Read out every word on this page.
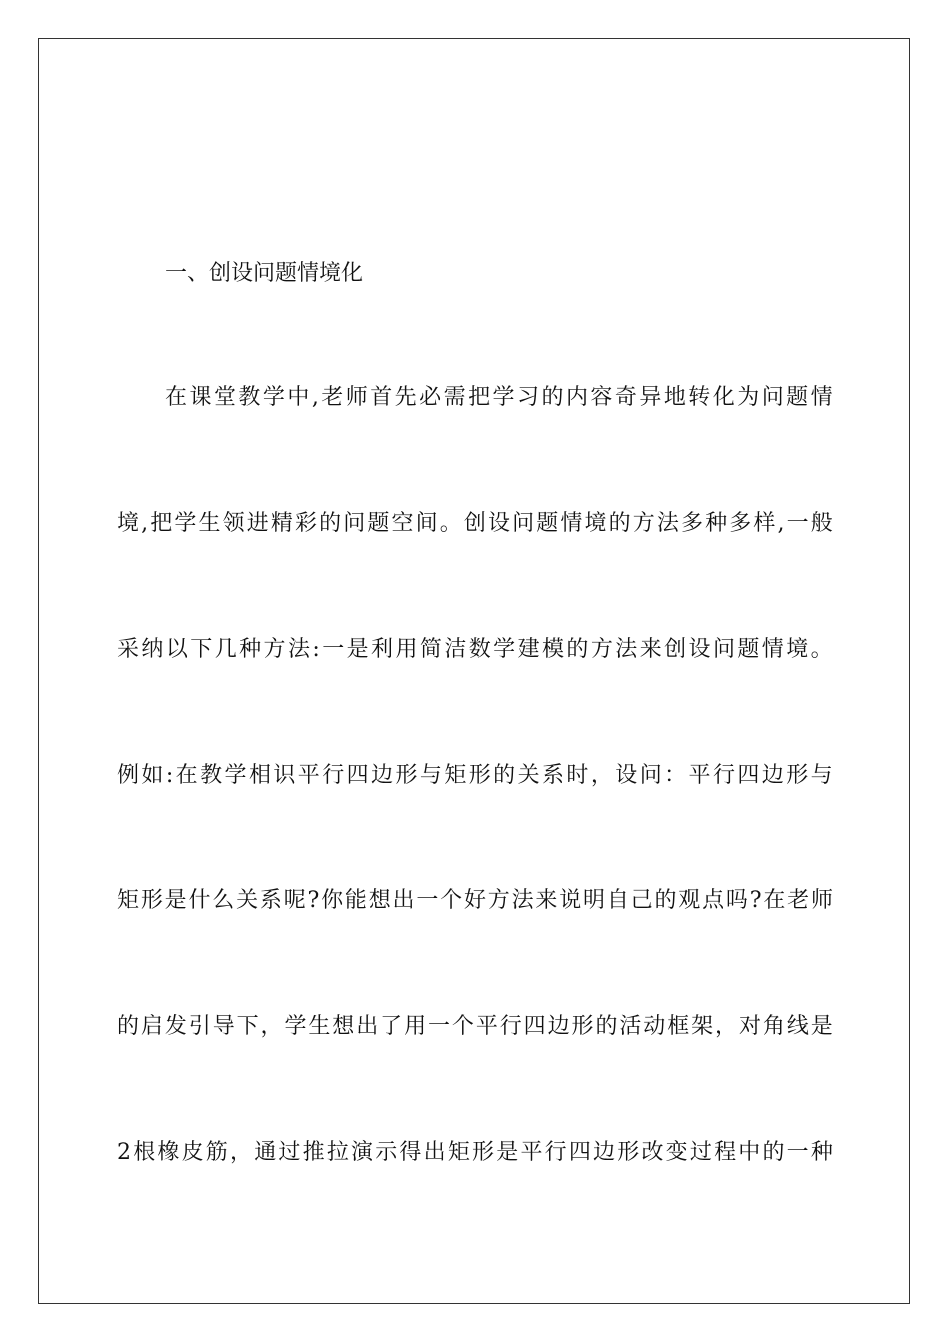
一、创设问题情境化
在 课 堂 教 学 中 , 老 师 首 先 必 需 把 学 习 的 内 容 奇 异 地 转 化 为 问 题 情
境 , 把 学 生 领 进 精 彩 的 问 题 空 间 。 创 设 问 题 情 境 的 方 法 多 种 多 样 , 一 般
采 纳 以 下 几 种 方 法 : 一 是 利 用 简 洁 数 学 建 模 的 方 法 来 创 设 问 题 情 境 。
例 如 : 在 教 学 相 识 平 行 四 边 形 与 矩 形 的 关 系 时 ， 设 问 ： 平 行 四 边 形 与
矩 形 是 什 么 关 系 呢 ? 你 能 想 出 一 个 好 方 法 来 说 明 自 己 的 观 点 吗 ? 在 老 师
的 启 发 引 导 下 ， 学 生 想 出 了 用 一 个 平 行 四 边 形 的 活 动 框 架 ， 对 角 线 是
2 根 橡 皮 筋 ， 通 过 推 拉 演 示 得 出 矩 形 是 平 行 四 边 形 改 变 过 程 中 的 一 种
